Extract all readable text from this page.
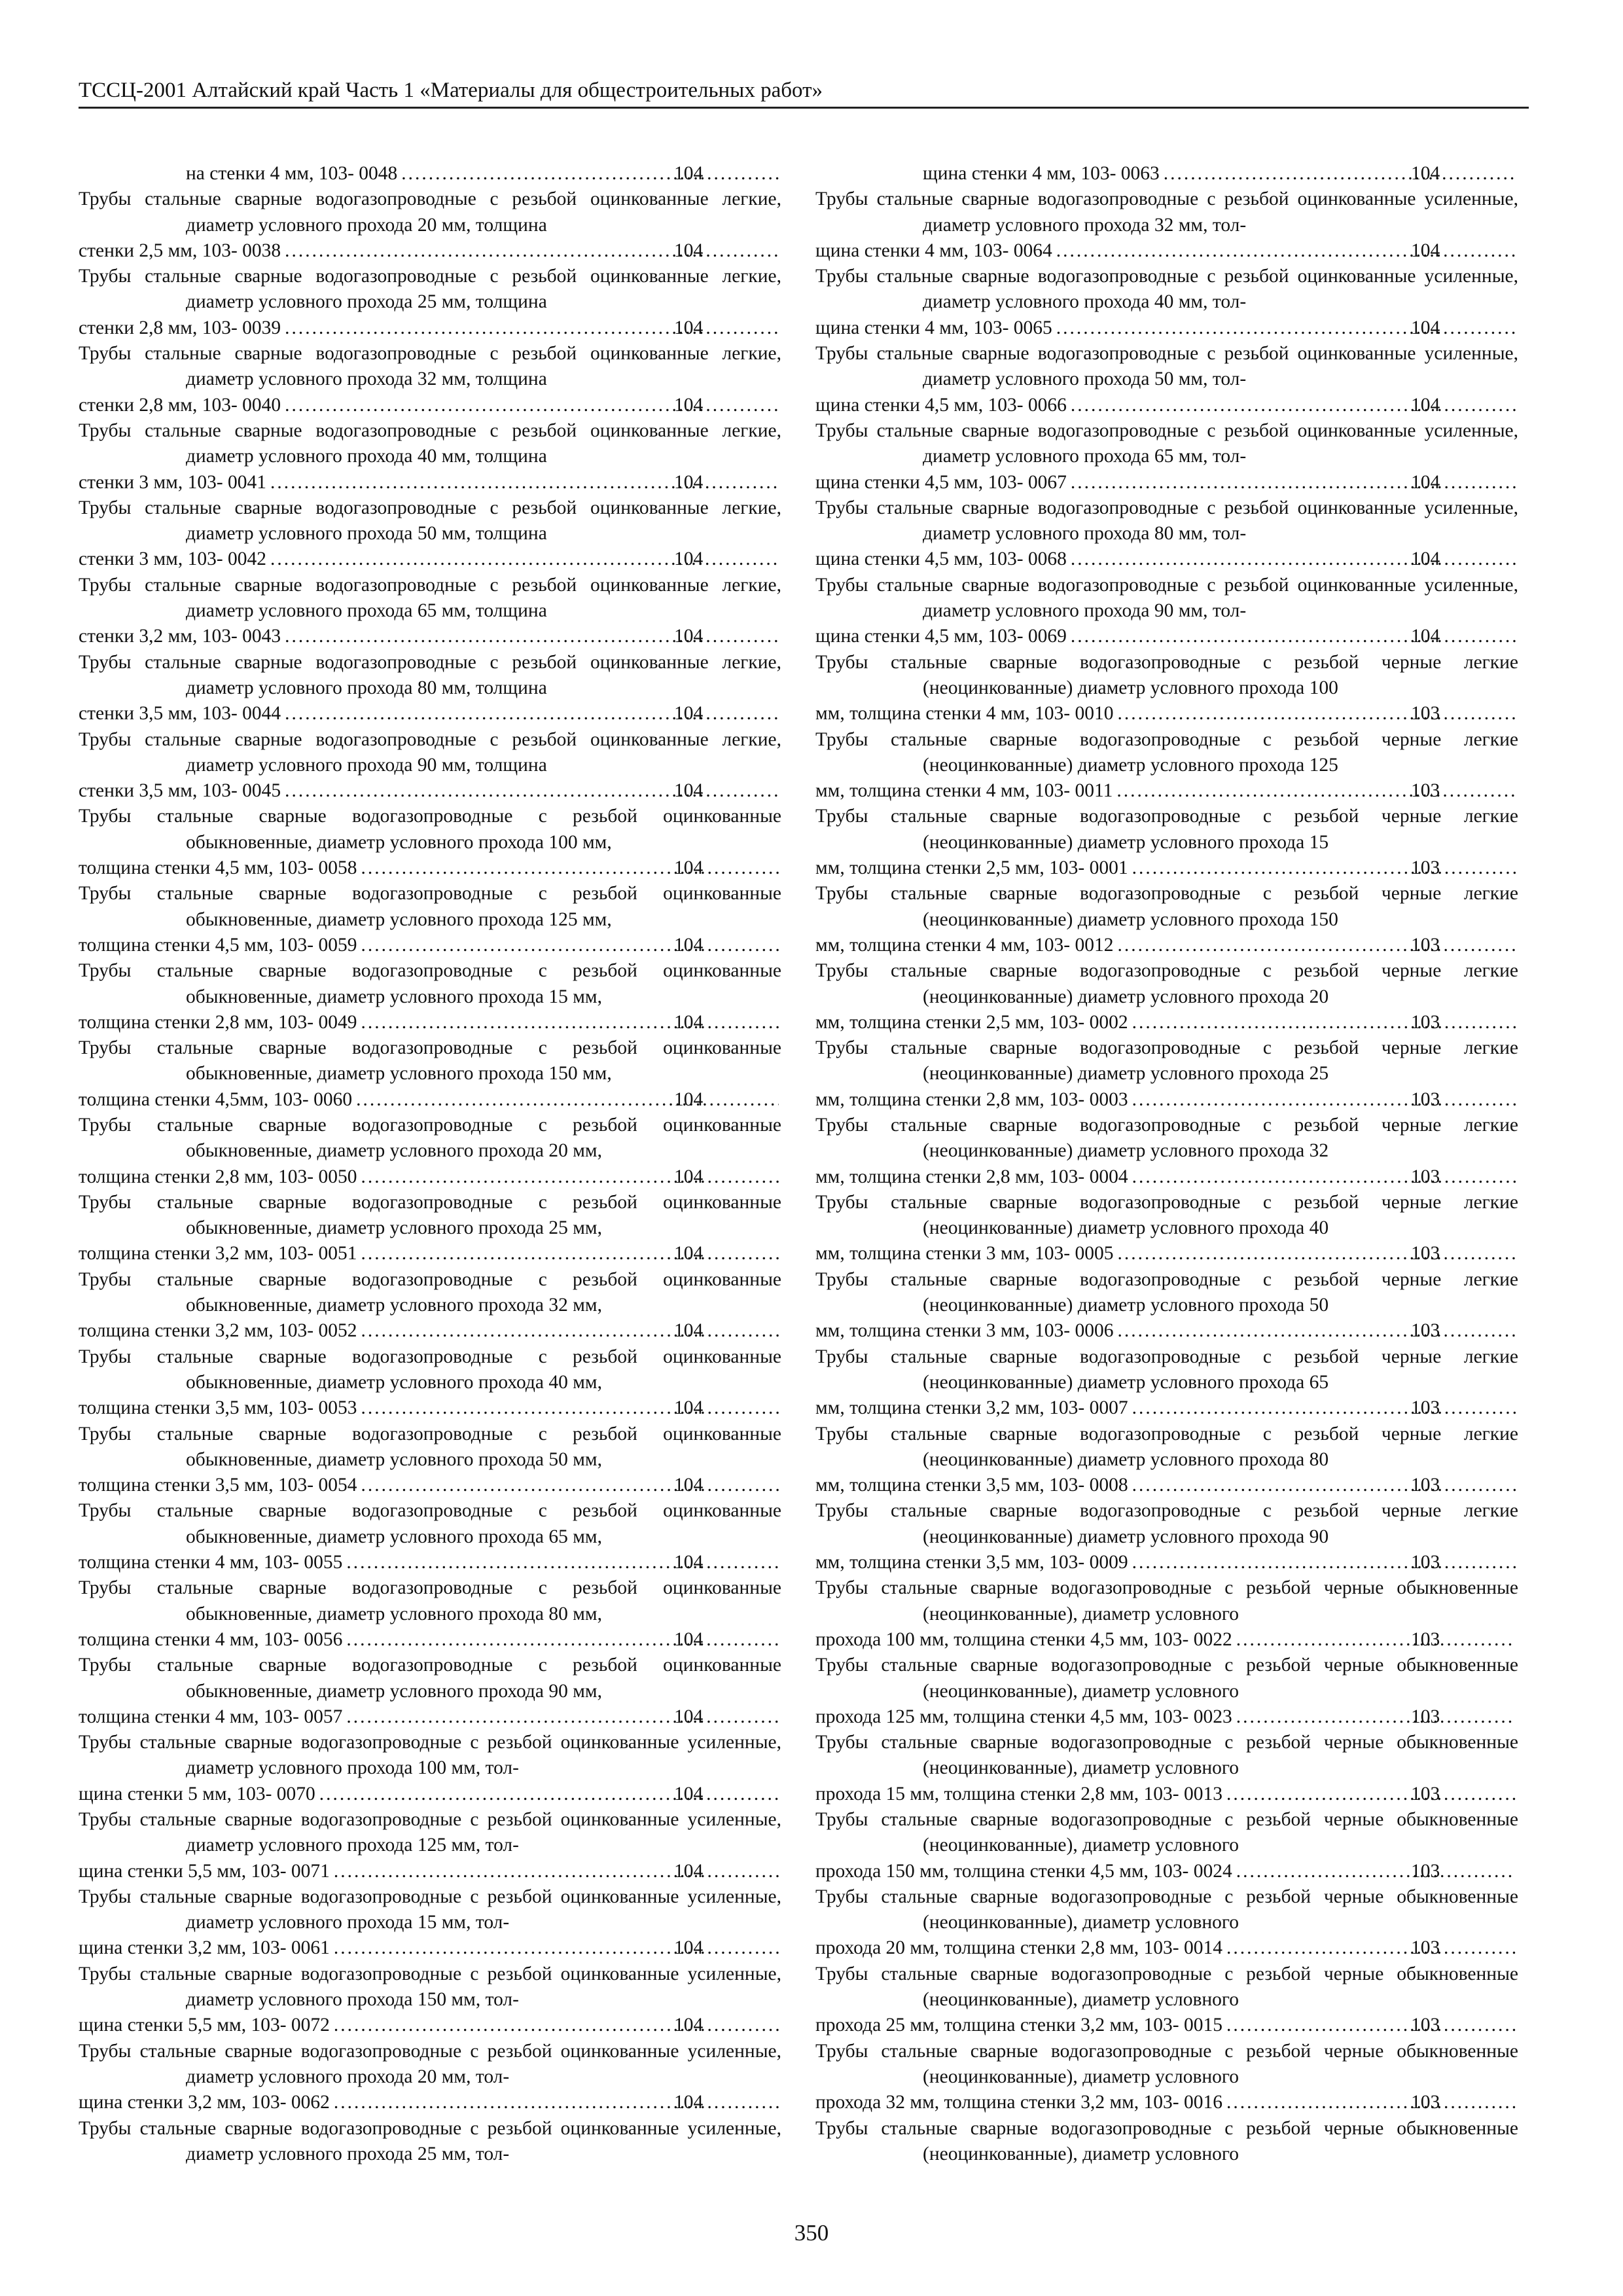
ТССЦ-2001 Алтайский край Часть 1 «Материалы для общестроительных работ»
на стенки 4 мм, 103- 0048 .....	104
Трубы стальные сварные водогазопроводные с резьбой оцинкованные легкие, диаметр условного прохода 20 мм, толщина
стенки 2,5 мм, 103- 0038 .....	104
Трубы стальные сварные водогазопроводные с резьбой оцинкованные легкие, диаметр условного прохода 25 мм, толщина
стенки 2,8 мм, 103- 0039 .....	104
Трубы стальные сварные водогазопроводные с резьбой оцинкованные легкие, диаметр условного прохода 32 мм, толщина
стенки 2,8 мм, 103- 0040 .....	104
Трубы стальные сварные водогазопроводные с резьбой оцинкованные легкие, диаметр условного прохода 40 мм, толщина
стенки 3 мм, 103- 0041 .....	104
Трубы стальные сварные водогазопроводные с резьбой оцинкованные легкие, диаметр условного прохода 50 мм, толщина
стенки 3 мм, 103- 0042 .....	104
Трубы стальные сварные водогазопроводные с резьбой оцинкованные легкие, диаметр условного прохода 65 мм, толщина
стенки 3,2 мм, 103- 0043 .....	104
Трубы стальные сварные водогазопроводные с резьбой оцинкованные легкие, диаметр условного прохода 80 мм, толщина
стенки 3,5 мм, 103- 0044 .....	104
Трубы стальные сварные водогазопроводные с резьбой оцинкованные легкие, диаметр условного прохода 90 мм, толщина
стенки 3,5 мм, 103- 0045 .....	104
Трубы стальные сварные водогазопроводные с резьбой оцинкованные обыкновенные, диаметр условного прохода 100 мм,
толщина стенки 4,5 мм, 103- 0058 .....	104
Трубы стальные сварные водогазопроводные с резьбой оцинкованные обыкновенные, диаметр условного прохода 125 мм,
толщина стенки 4,5 мм, 103- 0059 .....	104
Трубы стальные сварные водогазопроводные с резьбой оцинкованные обыкновенные, диаметр условного прохода 15 мм,
толщина стенки 2,8 мм, 103- 0049 .....	104
Трубы стальные сварные водогазопроводные с резьбой оцинкованные обыкновенные, диаметр условного прохода 150 мм,
толщина стенки 4,5мм, 103- 0060 .....	104
Трубы стальные сварные водогазопроводные с резьбой оцинкованные обыкновенные, диаметр условного прохода 20 мм,
толщина стенки 2,8 мм, 103- 0050 .....	104
Трубы стальные сварные водогазопроводные с резьбой оцинкованные обыкновенные, диаметр условного прохода 25 мм,
толщина стенки 3,2 мм, 103- 0051 .....	104
Трубы стальные сварные водогазопроводные с резьбой оцинкованные обыкновенные, диаметр условного прохода 32 мм,
толщина стенки 3,2 мм, 103- 0052 .....	104
Трубы стальные сварные водогазопроводные с резьбой оцинкованные обыкновенные, диаметр условного прохода 40 мм,
толщина стенки 3,5 мм, 103- 0053 .....	104
Трубы стальные сварные водогазопроводные с резьбой оцинкованные обыкновенные, диаметр условного прохода 50 мм,
толщина стенки 3,5 мм, 103- 0054 .....	104
Трубы стальные сварные водогазопроводные с резьбой оцинкованные обыкновенные, диаметр условного прохода 65 мм,
толщина стенки 4 мм, 103- 0055 .....	104
Трубы стальные сварные водогазопроводные с резьбой оцинкованные обыкновенные, диаметр условного прохода 80 мм,
толщина стенки 4 мм, 103- 0056 .....	104
Трубы стальные сварные водогазопроводные с резьбой оцинкованные обыкновенные, диаметр условного прохода 90 мм,
толщина стенки 4 мм, 103- 0057 .....	104
Трубы стальные сварные водогазопроводные с резьбой оцинкованные усиленные, диаметр условного прохода 100 мм, тол-
щина стенки 5 мм, 103- 0070 .....	104
Трубы стальные сварные водогазопроводные с резьбой оцинкованные усиленные, диаметр условного прохода 125 мм, тол-
щина стенки 5,5 мм, 103- 0071 .....	104
Трубы стальные сварные водогазопроводные с резьбой оцинкованные усиленные, диаметр условного прохода 15 мм, тол-
щина стенки 3,2 мм, 103- 0061 .....	104
Трубы стальные сварные водогазопроводные с резьбой оцинкованные усиленные, диаметр условного прохода 150 мм, тол-
щина стенки 5,5 мм, 103- 0072 .....	104
Трубы стальные сварные водогазопроводные с резьбой оцинкованные усиленные, диаметр условного прохода 20 мм, тол-
щина стенки 3,2 мм, 103- 0062 .....	104
Трубы стальные сварные водогазопроводные с резьбой оцинкованные усиленные, диаметр условного прохода 25 мм, тол-
щина стенки 4 мм, 103- 0063 .....	104
Трубы стальные сварные водогазопроводные с резьбой оцинкованные усиленные, диаметр условного прохода 32 мм, тол-
щина стенки 4 мм, 103- 0064 .....	104
Трубы стальные сварные водогазопроводные с резьбой оцинкованные усиленные, диаметр условного прохода 40 мм, тол-
щина стенки 4 мм, 103- 0065 .....	104
Трубы стальные сварные водогазопроводные с резьбой оцинкованные усиленные, диаметр условного прохода 50 мм, тол-
щина стенки 4,5 мм, 103- 0066 .....	104
Трубы стальные сварные водогазопроводные с резьбой оцинкованные усиленные, диаметр условного прохода 65 мм, тол-
щина стенки 4,5 мм, 103- 0067 .....	104
Трубы стальные сварные водогазопроводные с резьбой оцинкованные усиленные, диаметр условного прохода 80 мм, тол-
щина стенки 4,5 мм, 103- 0068 .....	104
Трубы стальные сварные водогазопроводные с резьбой оцинкованные усиленные, диаметр условного прохода 90 мм, тол-
щина стенки 4,5 мм, 103- 0069 .....	104
Трубы стальные сварные водогазопроводные с резьбой черные легкие (неоцинкованные) диаметр условного прохода 100
мм, толщина стенки 4 мм, 103- 0010 .....	103
Трубы стальные сварные водогазопроводные с резьбой черные легкие (неоцинкованные) диаметр условного прохода 125
мм, толщина стенки 4 мм, 103- 0011 .....	103
Трубы стальные сварные водогазопроводные с резьбой черные легкие (неоцинкованные) диаметр условного прохода 15
мм, толщина стенки 2,5 мм, 103- 0001 .....	103
Трубы стальные сварные водогазопроводные с резьбой черные легкие (неоцинкованные) диаметр условного прохода 150
мм, толщина стенки 4 мм, 103- 0012 .....	103
Трубы стальные сварные водогазопроводные с резьбой черные легкие (неоцинкованные) диаметр условного прохода 20
мм, толщина стенки 2,5 мм, 103- 0002 .....	103
Трубы стальные сварные водогазопроводные с резьбой черные легкие (неоцинкованные) диаметр условного прохода 25
мм, толщина стенки 2,8 мм, 103- 0003 .....	103
Трубы стальные сварные водогазопроводные с резьбой черные легкие (неоцинкованные) диаметр условного прохода 32
мм, толщина стенки 2,8 мм, 103- 0004 .....	103
Трубы стальные сварные водогазопроводные с резьбой черные легкие (неоцинкованные) диаметр условного прохода 40
мм, толщина стенки 3 мм, 103- 0005 .....	103
Трубы стальные сварные водогазопроводные с резьбой черные легкие (неоцинкованные) диаметр условного прохода 50
мм, толщина стенки 3 мм, 103- 0006 .....	103
Трубы стальные сварные водогазопроводные с резьбой черные легкие (неоцинкованные) диаметр условного прохода 65
мм, толщина стенки 3,2 мм, 103- 0007 .....	103
Трубы стальные сварные водогазопроводные с резьбой черные легкие (неоцинкованные) диаметр условного прохода 80
мм, толщина стенки 3,5 мм, 103- 0008 .....	103
Трубы стальные сварные водогазопроводные с резьбой черные легкие (неоцинкованные) диаметр условного прохода 90
мм, толщина стенки 3,5 мм, 103- 0009 .....	103
Трубы стальные сварные водогазопроводные с резьбой черные обыкновенные (неоцинкованные), диаметр условного
прохода 100 мм, толщина стенки 4,5 мм, 103- 0022 .....	103
Трубы стальные сварные водогазопроводные с резьбой черные обыкновенные (неоцинкованные), диаметр условного
прохода 125 мм, толщина стенки 4,5 мм, 103- 0023 .....	103
Трубы стальные сварные водогазопроводные с резьбой черные обыкновенные (неоцинкованные), диаметр условного
прохода 15 мм, толщина стенки 2,8 мм, 103- 0013 .....	103
Трубы стальные сварные водогазопроводные с резьбой черные обыкновенные (неоцинкованные), диаметр условного
прохода 150 мм, толщина стенки 4,5 мм, 103- 0024 .....	103
Трубы стальные сварные водогазопроводные с резьбой черные обыкновенные (неоцинкованные), диаметр условного
прохода 20 мм, толщина стенки 2,8 мм, 103- 0014 .....	103
Трубы стальные сварные водогазопроводные с резьбой черные обыкновенные (неоцинкованные), диаметр условного
прохода 25 мм, толщина стенки 3,2 мм, 103- 0015 .....	103
Трубы стальные сварные водогазопроводные с резьбой черные обыкновенные (неоцинкованные), диаметр условного
прохода 32 мм, толщина стенки 3,2 мм, 103- 0016 .....	103
Трубы стальные сварные водогазопроводные с резьбой черные обыкновенные (неоцинкованные), диаметр условного
350
